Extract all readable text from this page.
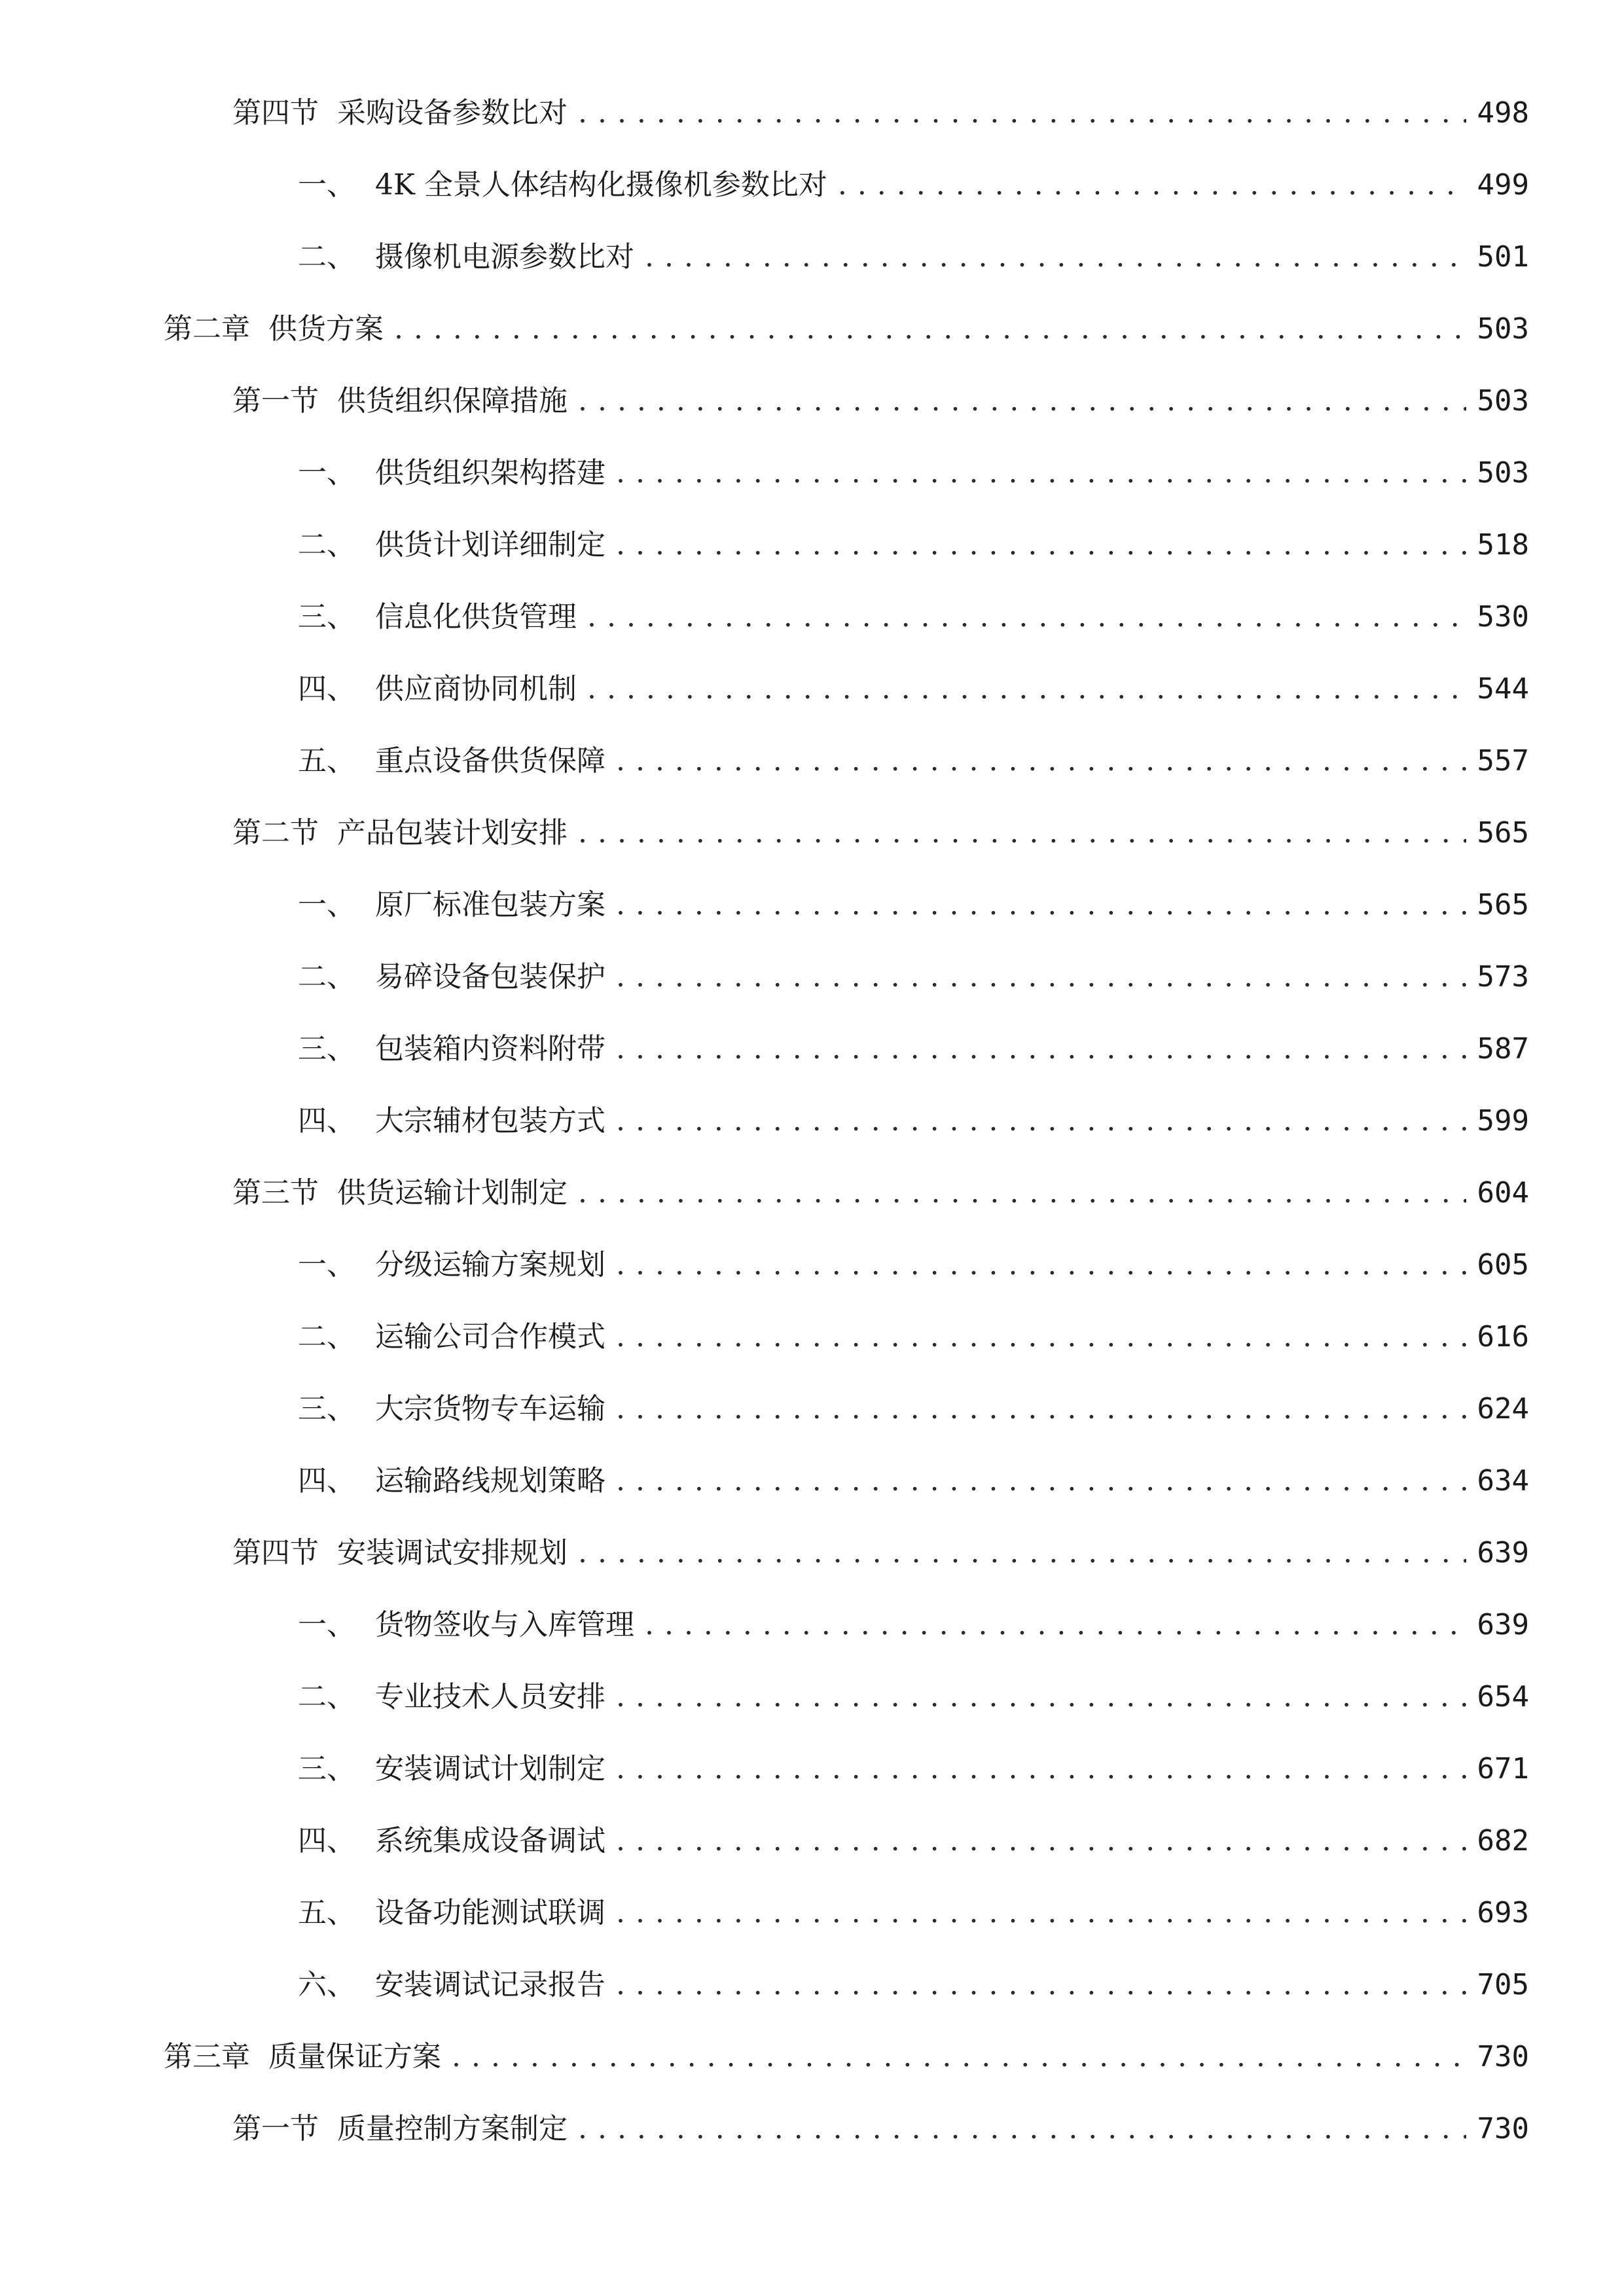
第四节 采购设备参数比对 . . .	498
一、 4K 全景人体结构化摄像机参数比对 . . .	499
二、 摄像机电源参数比对 . . .	501
第二章 供货方案 . . .	503
第一节 供货组织保障措施 . . .	503
一、 供货组织架构搭建 . . .	503
二、 供货计划详细制定 . . .	518
三、 信息化供货管理 . . .	530
四、 供应商协同机制 . . .	544
五、 重点设备供货保障 . . .	557
第二节 产品包装计划安排 . . .	565
一、 原厂标准包装方案 . . .	565
二、 易碎设备包装保护 . . .	573
三、 包装箱内资料附带 . . .	587
四、 大宗辅材包装方式 . . .	599
第三节 供货运输计划制定 . . .	604
一、 分级运输方案规划 . . .	605
二、 运输公司合作模式 . . .	616
三、 大宗货物专车运输 . . .	624
四、 运输路线规划策略 . . .	634
第四节 安装调试安排规划 . . .	639
一、 货物签收与入库管理 . . .	639
二、 专业技术人员安排 . . .	654
三、 安装调试计划制定 . . .	671
四、 系统集成设备调试 . . .	682
五、 设备功能测试联调 . . .	693
六、 安装调试记录报告 . . .	705
第三章 质量保证方案 . . .	730
第一节 质量控制方案制定 . . .	730
